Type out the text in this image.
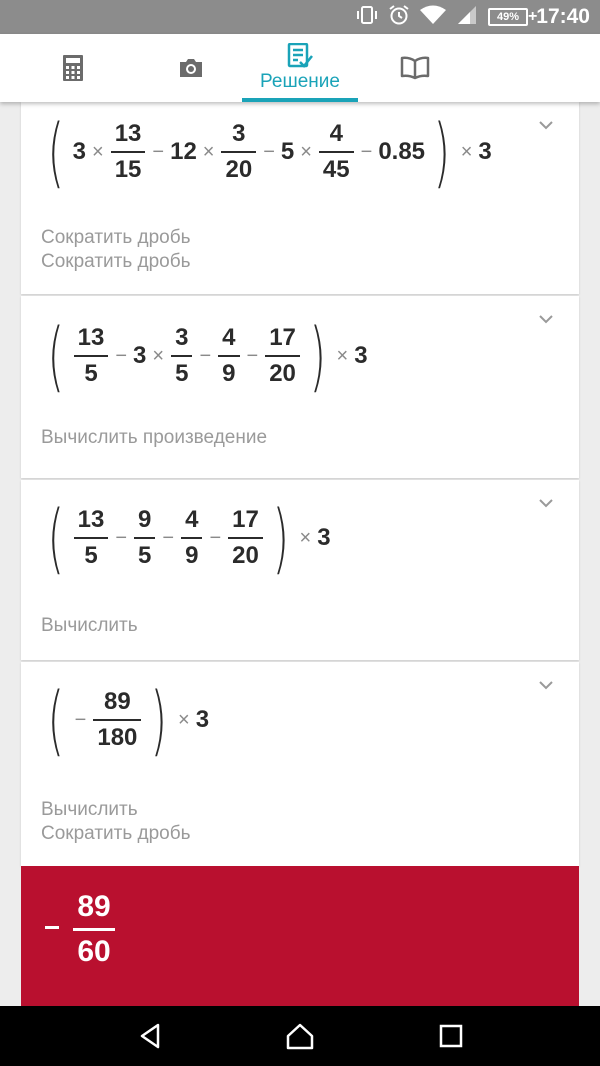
49% +
17:40
Решение
( $3 \times \frac{13}{15} - 12 \times \frac{3}{20} - 5 \times \frac{4}{45} - 0.85$ ) × 3
Сократить дробь
Сократить дробь
( $\frac{13}{5} - 3 \times \frac{3}{5} - \frac{4}{9} - \frac{17}{20}$ ) × 3
Вычислить произведение
( $\frac{13}{5} - \frac{9}{5} - \frac{4}{9} - \frac{17}{20}$ ) × 3
Вычислить
( − $\frac{89}{180}$ ) × 3
Вычислить
Сократить дробь
89
60
